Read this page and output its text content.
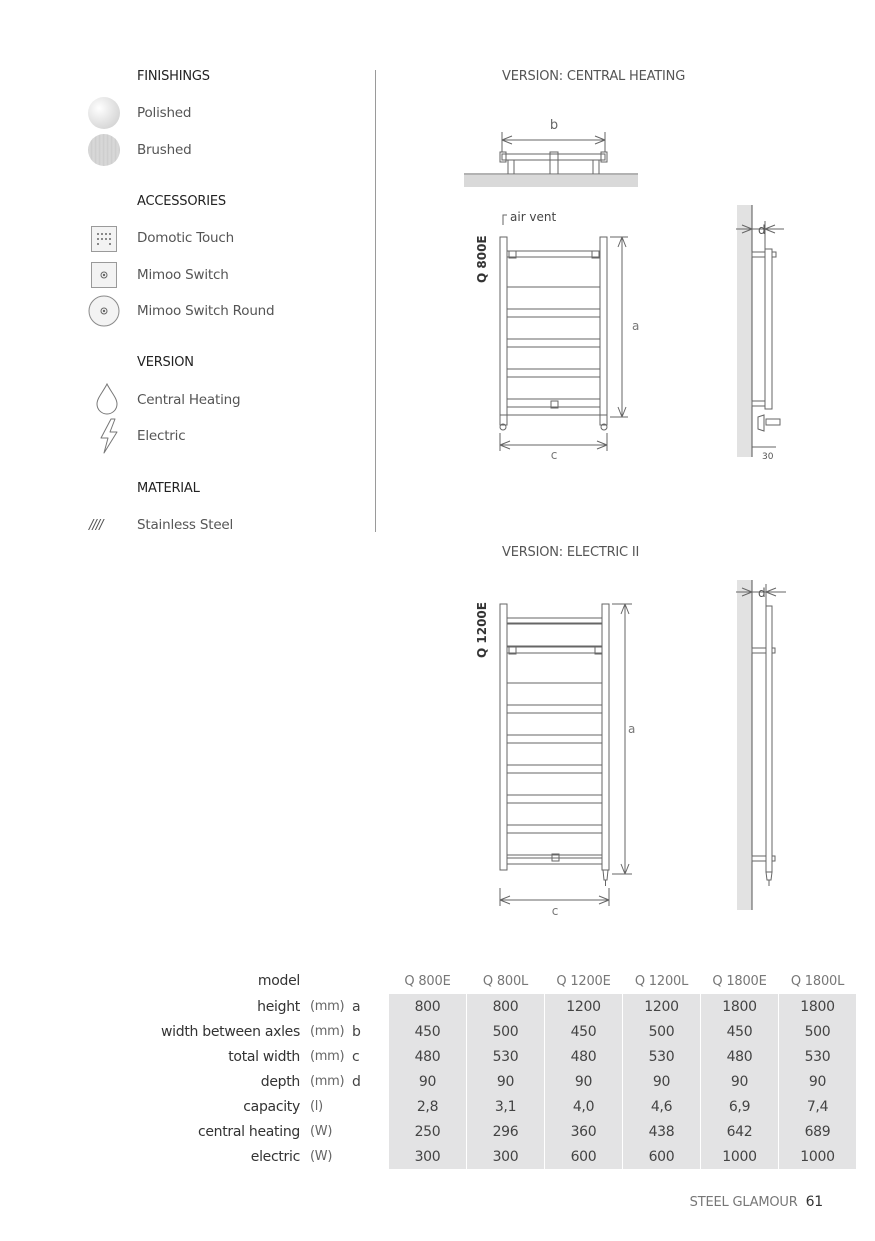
FINISHINGS
Polished
Brushed
ACCESSORIES
Domotic Touch
Mimoo Switch
Mimoo Switch Round
VERSION
Central Heating
Electric
MATERIAL
////	Stainless Steel
VERSION: CENTRAL HEATING
b
air vent
a
c
Q 800E
d
30
VERSION: ELECTRIC II
a
c
Q 1200E
d
model			Q 800E	Q 800L	Q 1200E	Q 1200L	Q 1800E	Q 1800L
height	(mm)	a	800	800	1200	1200	1800	1800
width between axles	(mm)	b	450	500	450	500	450	500
total width	(mm)	c	480	530	480	530	480	530
depth	(mm)	d	90	90	90	90	90	90
capacity	(l)		2,8	3,1	4,0	4,6	6,9	7,4
central heating	(W)		250	296	360	438	642	689
electric	(W)		300	300	600	600	1000	1000
STEEL GLAMOUR 61
